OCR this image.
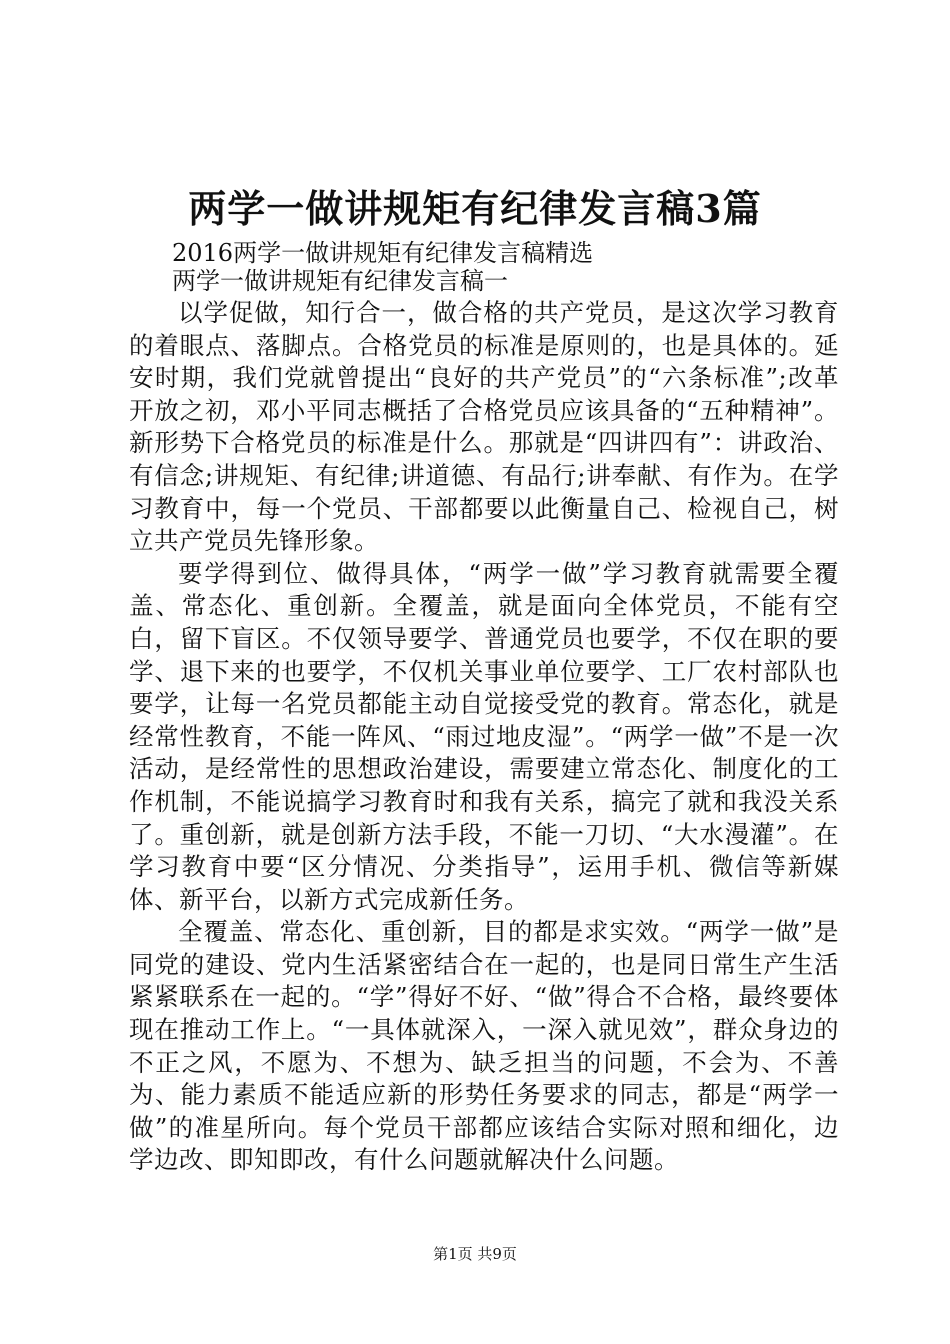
两学一做讲规矩有纪律发言稿3篇

2016两学一做讲规矩有纪律发言稿精选

两学一做讲规矩有纪律发言稿一

以学促做，知行合一，做合格的共产党员，是这次学习教育的着眼点、落脚点。合格党员的标准是原则的，也是具体的。延安时期，我们党就曾提出“良好的共产党员”的“六条标准”;改革开放之初，邓小平同志概括了合格党员应该具备的“五种精神”。新形势下合格党员的标准是什么。那就是“四讲四有”：讲政治、有信念;讲规矩、有纪律;讲道德、有品行;讲奉献、有作为。在学习教育中，每一个党员、干部都要以此衡量自己、检视自己，树立共产党员先锋形象。

要学得到位、做得具体，“两学一做”学习教育就需要全覆盖、常态化、重创新。全覆盖，就是面向全体党员，不能有空白，留下盲区。不仅领导要学、普通党员也要学，不仅在职的要学、退下来的也要学，不仅机关事业单位要学、工厂农村部队也要学，让每一名党员都能主动自觉接受党的教育。常态化，就是经常性教育，不能一阵风、“雨过地皮湿”。“两学一做”不是一次活动，是经常性的思想政治建设，需要建立常态化、制度化的工作机制，不能说搞学习教育时和我有关系，搞完了就和我没关系了。重创新，就是创新方法手段，不能一刀切、“大水漫灌”。在学习教育中要“区分情况、分类指导”，运用手机、微信等新媒体、新平台，以新方式完成新任务。

全覆盖、常态化、重创新，目的都是求实效。“两学一做”是同党的建设、党内生活紧密结合在一起的，也是同日常生产生活紧紧联系在一起的。“学”得好不好、“做”得合不合格，最终要体现在推动工作上。“一具体就深入，一深入就见效”，群众身边的不正之风，不愿为、不想为、缺乏担当的问题，不会为、不善为、能力素质不能适应新的形势任务要求的同志，都是“两学一做”的准星所向。每个党员干部都应该结合实际对照和细化，边学边改、即知即改，有什么问题就解决什么问题。

第1页 共9页
